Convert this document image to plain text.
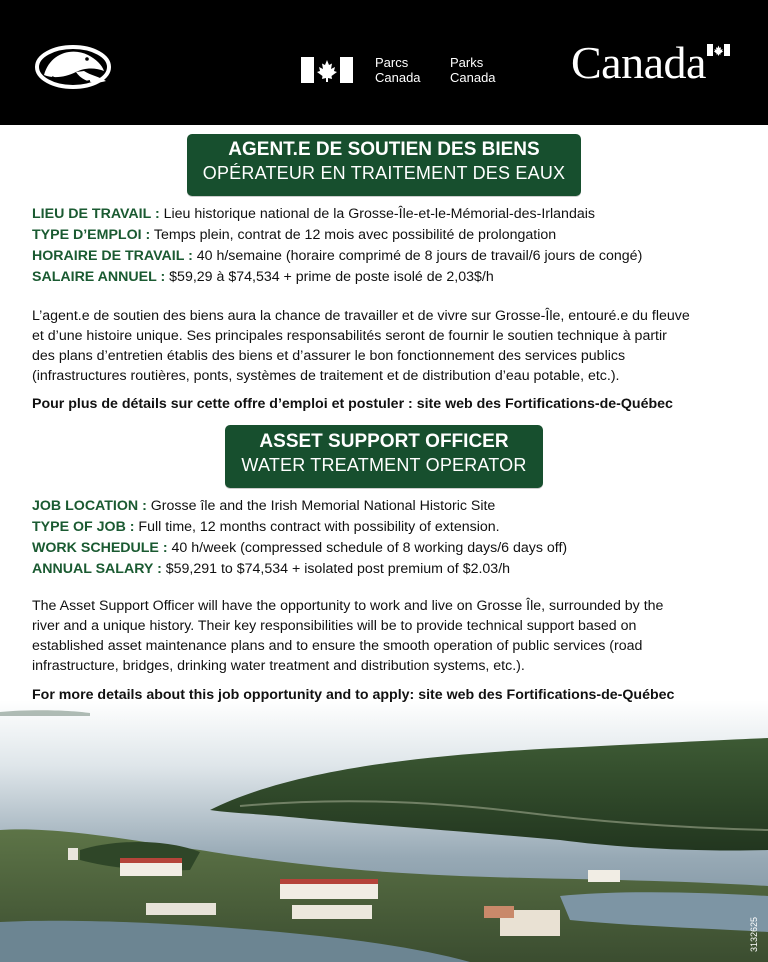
Parcs
Canada
Parks
Canada Canada
AGENT.E DE SOUTIEN DES BIENS
OPÉRATEUR EN TRAITEMENT DES EAUX
LIEU DE TRAVAIL : Lieu historique national de la Grosse-Île-et-le-Mémorial-des-Irlandais
TYPE D’EMPLOI : Temps plein, contrat de 12 mois avec possibilité de prolongation
HORAIRE DE TRAVAIL : 40 h/semaine (horaire comprimé de 8 jours de travail/6 jours de congé)
SALAIRE ANNUEL : $59,29 à $74,534 + prime de poste isolé de 2,03$/h
L’agent.e de soutien des biens aura la chance de travailler et de vivre sur Grosse-Île, entouré.e du fleuve
et d’une histoire unique. Ses principales responsabilités seront de fournir le soutien technique à partir
des plans d’entretien établis des biens et d’assurer le bon fonctionnement des services publics
(infrastructures routières, ponts, systèmes de traitement et de distribution d’eau potable, etc.).
Pour plus de détails sur cette offre d’emploi et postuler : site web des Fortifications-de-Québec
ASSET SUPPORT OFFICER
WATER TREATMENT OPERATOR
JOB LOCATION : Grosse île and the Irish Memorial National Historic Site
TYPE OF JOB : Full time, 12 months contract with possibility of extension.
WORK SCHEDULE : 40 h/week (compressed schedule of 8 working days/6 days off)
ANNUAL SALARY : $59,291 to $74,534 + isolated post premium of $2.03/h
3132625
The Asset Support Officer will have the opportunity to work and live on Grosse Île, surrounded by the
river and a unique history. Their key responsibilities will be to provide technical support based on
established asset maintenance plans and to ensure the smooth operation of public services (road
infrastructure, bridges, drinking water treatment and distribution systems, etc.).
For more details about this job opportunity and to apply: site web des Fortifications-de-Québec
